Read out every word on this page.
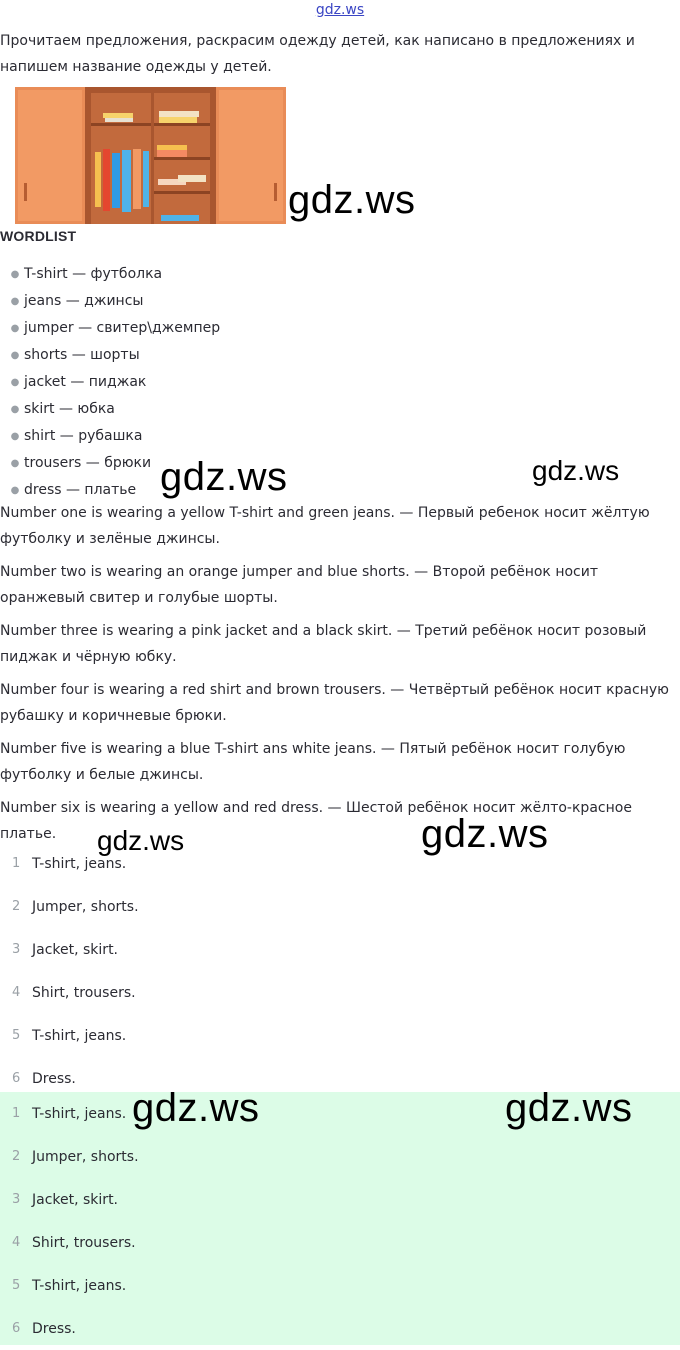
gdz.ws
Прочитаем предложения, раскрасим одежду детей, как написано в предложениях и напишем название одежды у детей.
gdz.ws
WORDLIST
● T-shirt — футболка
● jeans — джинсы
● jumper — свитер\джемпер
● shorts — шорты
● jacket — пиджак
● skirt — юбка
● shirt — рубашка
● trousers — брюки
● dress — платье gdz.ws	gdz.ws

Number one is wearing a yellow T-shirt and green jeans. — Первый ребенок носит жёлтую футболку и зелёные джинсы.

Number two is wearing an orange jumper and blue shorts. — Второй ребёнок носит оранжевый свитер и голубые шорты.

Number three is wearing a pink jacket and a black skirt. — Третий ребёнок носит розовый пиджак и чёрную юбку.

Number four is wearing a red shirt and brown trousers. — Четвёртый ребёнок носит красную рубашку и коричневые брюки.

Number five is wearing a blue T-shirt ans white jeans. — Пятый ребёнок носит голубую футболку и белые джинсы.

Number six is wearing a yellow and red dress. — Шестой ребёнок носит жёлто-красное платье.	gdz.ws	gdz.ws
1 T-shirt, jeans.
2 Jumper, shorts.
3 Jacket, skirt.
4 Shirt, trousers.
5 T-shirt, jeans.
6 Dress.
1 T-shirt, jeans.
2 Jumper, shorts.
3 Jacket, skirt.
4 Shirt, trousers.
5 T-shirt, jeans.
6 Dress.
gdz.ws	gdz.ws
